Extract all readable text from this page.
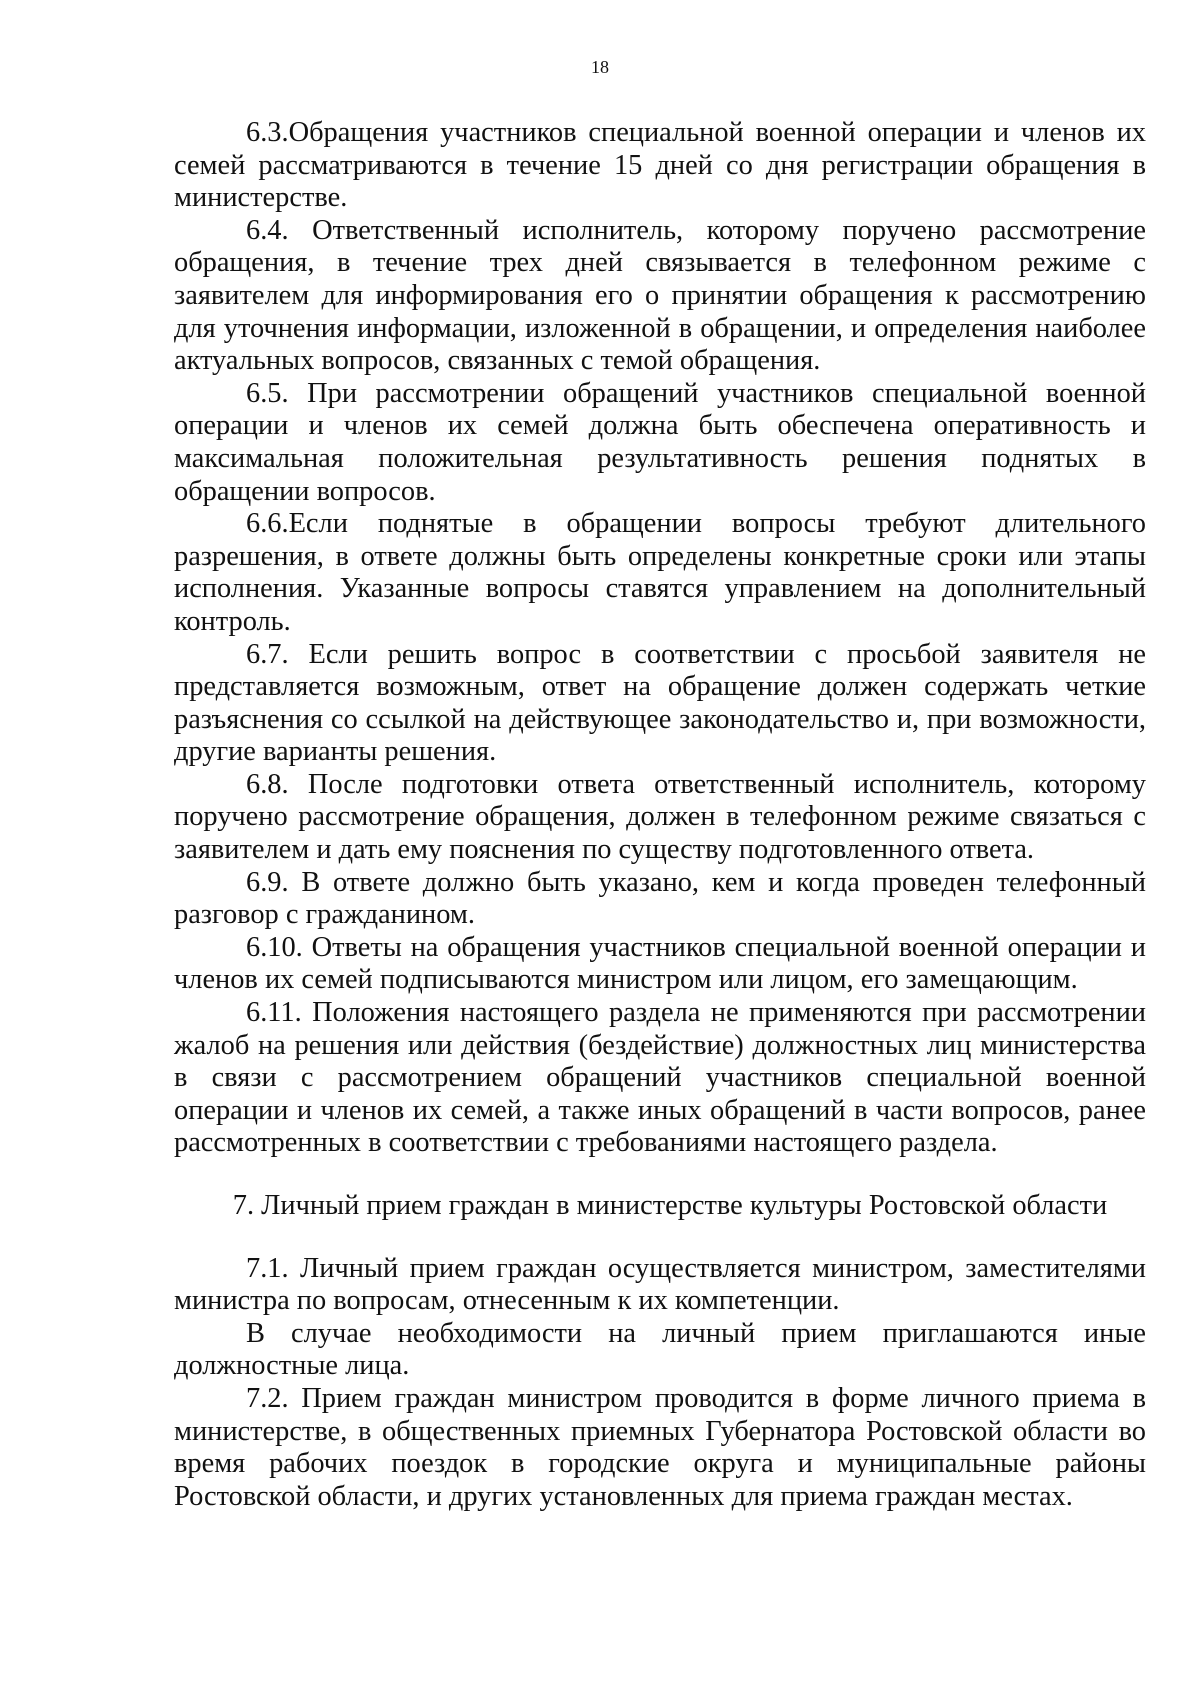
18

6.3.Обращения участников специальной военной операции и членов их семей рассматриваются в течение 15 дней со дня регистрации обращения в министерстве.

6.4. Ответственный исполнитель, которому поручено рассмотрение обращения, в течение трех дней связывается в телефонном режиме с заявителем для информирования его о принятии обращения к рассмотрению для уточнения информации, изложенной в обращении, и определения наиболее актуальных вопросов, связанных с темой обращения.

6.5. При рассмотрении обращений участников специальной военной операции и членов их семей должна быть обеспечена оперативность и максимальная положительная результативность решения поднятых в обращении вопросов.

6.6.Если поднятые в обращении вопросы требуют длительного разрешения, в ответе должны быть определены конкретные сроки или этапы исполнения. Указанные вопросы ставятся управлением на дополнительный контроль.

6.7. Если решить вопрос в соответствии с просьбой заявителя не представляется возможным, ответ на обращение должен содержать четкие разъяснения со ссылкой на действующее законодательство и, при возможности, другие варианты решения.

6.8. После подготовки ответа ответственный исполнитель, которому поручено рассмотрение обращения, должен в телефонном режиме связаться с заявителем и дать ему пояснения по существу подготовленного ответа.

6.9. В ответе должно быть указано, кем и когда проведен телефонный разговор с гражданином.

6.10. Ответы на обращения участников специальной военной операции и членов их семей подписываются министром или лицом, его замещающим.

6.11. Положения настоящего раздела не применяются при рассмотрении жалоб на решения или действия (бездействие) должностных лиц министерства в связи с рассмотрением обращений участников специальной военной операции и членов их семей, а также иных обращений в части вопросов, ранее рассмотренных в соответствии с требованиями настоящего раздела.

7. Личный прием граждан в министерстве культуры Ростовской области

7.1. Личный прием граждан осуществляется министром, заместителями министра по вопросам, отнесенным к их компетенции.

В случае необходимости на личный прием приглашаются иные должностные лица.

7.2. Прием граждан министром проводится в форме личного приема в министерстве, в общественных приемных Губернатора Ростовской области во время рабочих поездок в городские округа и муниципальные районы Ростовской области, и других установленных для приема граждан местах.
